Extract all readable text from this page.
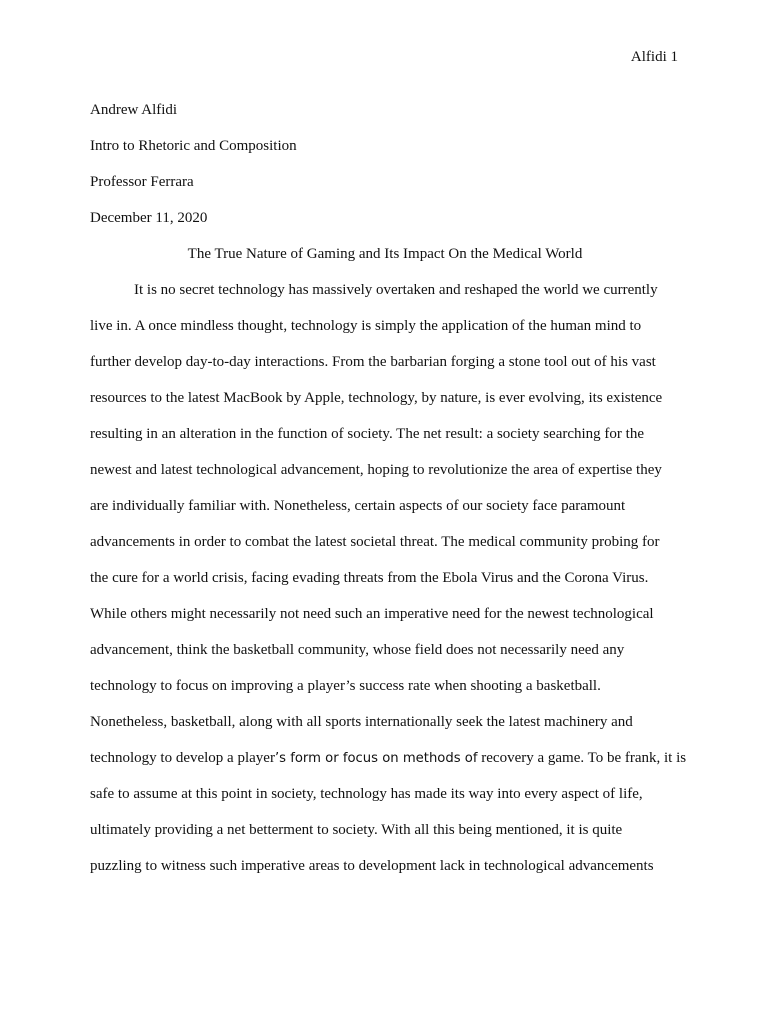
Alfidi 1
Andrew Alfidi
Intro to Rhetoric and Composition
Professor Ferrara
December 11, 2020
The True Nature of Gaming and Its Impact On the Medical World
It is no secret technology has massively overtaken and reshaped the world we currently
live in. A once mindless thought, technology is simply the application of the human mind to
further develop day-to-day interactions. From the barbarian forging a stone tool out of his vast
resources to the latest MacBook by Apple, technology, by nature, is ever evolving, its existence
resulting in an alteration in the function of society. The net result: a society searching for the
newest and latest technological advancement, hoping to revolutionize the area of expertise they
are individually familiar with. Nonetheless, certain aspects of our society face paramount
advancements in order to combat the latest societal threat. The medical community probing for
the cure for a world crisis, facing evading threats from the Ebola Virus and the Corona Virus.
While others might necessarily not need such an imperative need for the newest technological
advancement, think the basketball community, whose field does not necessarily need any
technology to focus on improving a player’s success rate when shooting a basketball.
Nonetheless, basketball, along with all sports internationally seek the latest machinery and
technology to develop a player’s form or focus on methods of recovery a game. To be frank, it is
safe to assume at this point in society, technology has made its way into every aspect of life,
ultimately providing a net betterment to society. With all this being mentioned, it is quite
puzzling to witness such imperative areas to development lack in technological advancements
